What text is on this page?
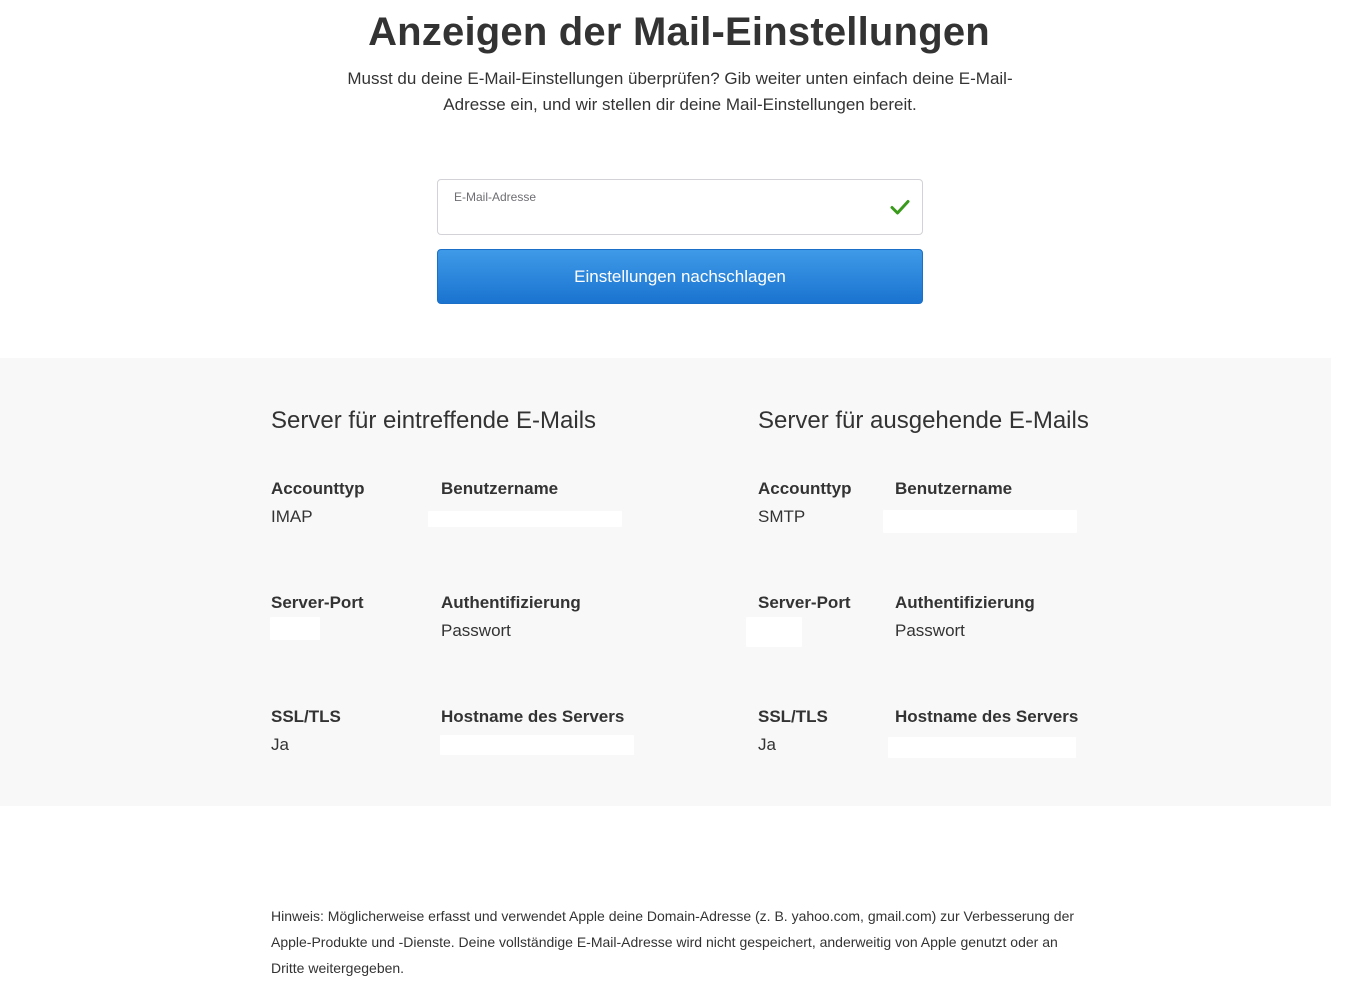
Anzeigen der Mail-Einstellungen

Musst du deine E-Mail-Einstellungen überprüfen? Gib weiter unten einfach deine E-Mail-Adresse ein, und wir stellen dir deine Mail-Einstellungen bereit.

E-Mail-Adresse
Einstellungen nachschlagen
Server für eintreffende E-Mails
Accounttyp
IMAP
Benutzername
Server-Port	Authentifizierung
Passwort
SSL/TLS
Ja
Hostname des Servers
Server für ausgehende E-Mails
Accounttyp
SMTP
Benutzername
Server-Port	Authentifizierung
Passwort
SSL/TLS
Ja
Hostname des Servers

Hinweis: Möglicherweise erfasst und verwendet Apple deine Domain-Adresse (z. B. yahoo.com, gmail.com) zur Verbesserung der Apple-Produkte und -Dienste. Deine vollständige E-Mail-Adresse wird nicht gespeichert, anderweitig von Apple genutzt oder an Dritte weitergegeben.
